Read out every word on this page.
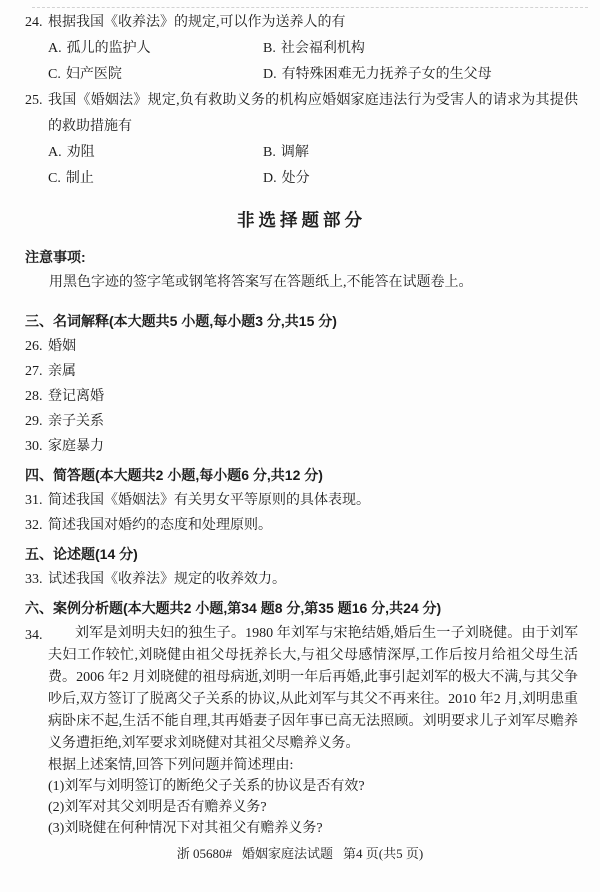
24. 根据我国《收养法》的规定,可以作为送养人的有
A. 孤儿的监护人	B. 社会福利机构
C. 妇产医院	D. 有特殊困难无力抚养子女的生父母
25. 我国《婚姻法》规定,负有救助义务的机构应婚姻家庭违法行为受害人的请求为其提供的救助措施有
A. 劝阻	B. 调解
C. 制止	D. 处分
非选择题部分
注意事项:
用黑色字迹的签字笔或钢笔将答案写在答题纸上,不能答在试题卷上。
三、名词解释(本大题共5 小题,每小题3 分,共15 分)
26. 婚姻
27. 亲属
28. 登记离婚
29. 亲子关系
30. 家庭暴力
四、简答题(本大题共2 小题,每小题6 分,共12 分)
31. 简述我国《婚姻法》有关男女平等原则的具体表现。
32. 简述我国对婚约的态度和处理原则。
五、论述题(14 分)
33. 试述我国《收养法》规定的收养效力。
六、案例分析题(本大题共2 小题,第34 题8 分,第35 题16 分,共24 分)
34.	刘军是刘明夫妇的独生子。1980 年刘军与宋艳结婚,婚后生一子刘晓健。由于刘军夫妇工作较忙,刘晓健由祖父母抚养长大,与祖父母感情深厚,工作后按月给祖父母生活费。2006 年2 月刘晓健的祖母病逝,刘明一年后再婚,此事引起刘军的极大不满,与其父争吵后,双方签订了脱离父子关系的协议,从此刘军与其父不再来往。2010 年2 月,刘明患重病卧床不起,生活不能自理,其再婚妻子因年事已高无法照顾。刘明要求儿子刘军尽赡养义务遭拒绝,刘军要求刘晓健对其祖父尽赡养义务。
根据上述案情,回答下列问题并简述理由:
(1)刘军与刘明签订的断绝父子关系的协议是否有效?
(2)刘军对其父刘明是否有赡养义务?
(3)刘晓健在何种情况下对其祖父有赡养义务?
浙 05680# 婚姻家庭法试题 第4 页(共5 页)
